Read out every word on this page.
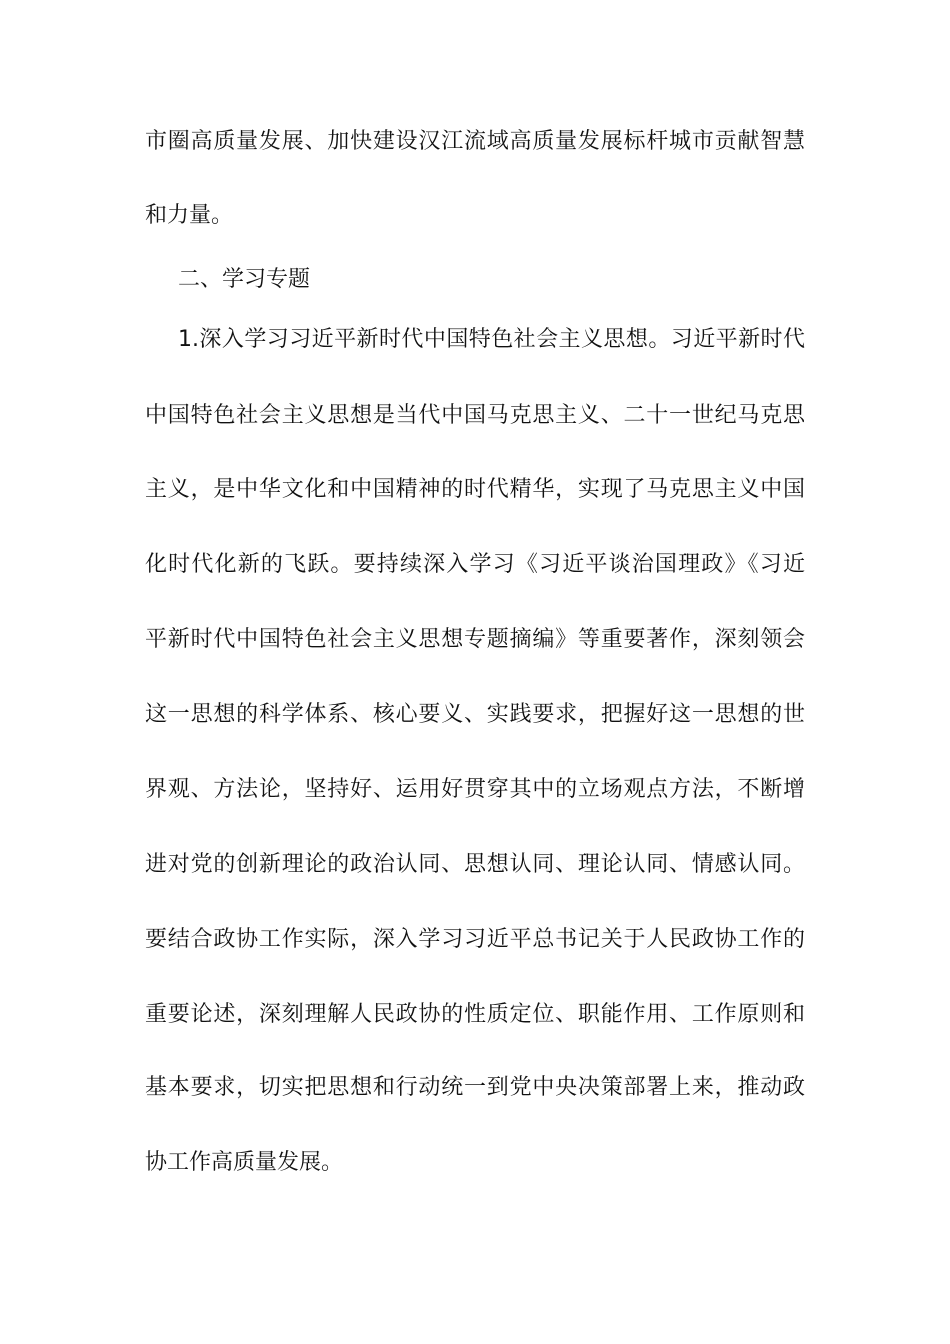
市圈高质量发展、加快建设汉江流域高质量发展标杆城市贡献智慧
和力量。
二、学习专题
1.深入学习习近平新时代中国特色社会主义思想。习近平新时代
中国特色社会主义思想是当代中国马克思主义、二十一世纪马克思
主义，是中华文化和中国精神的时代精华，实现了马克思主义中国
化时代化新的飞跃。要持续深入学习《习近平谈治国理政》《习近
平新时代中国特色社会主义思想专题摘编》等重要著作，深刻领会
这一思想的科学体系、核心要义、实践要求，把握好这一思想的世
界观、方法论，坚持好、运用好贯穿其中的立场观点方法，不断增
进对党的创新理论的政治认同、思想认同、理论认同、情感认同。
要结合政协工作实际，深入学习习近平总书记关于人民政协工作的
重要论述，深刻理解人民政协的性质定位、职能作用、工作原则和
基本要求，切实把思想和行动统一到党中央决策部署上来，推动政
协工作高质量发展。
